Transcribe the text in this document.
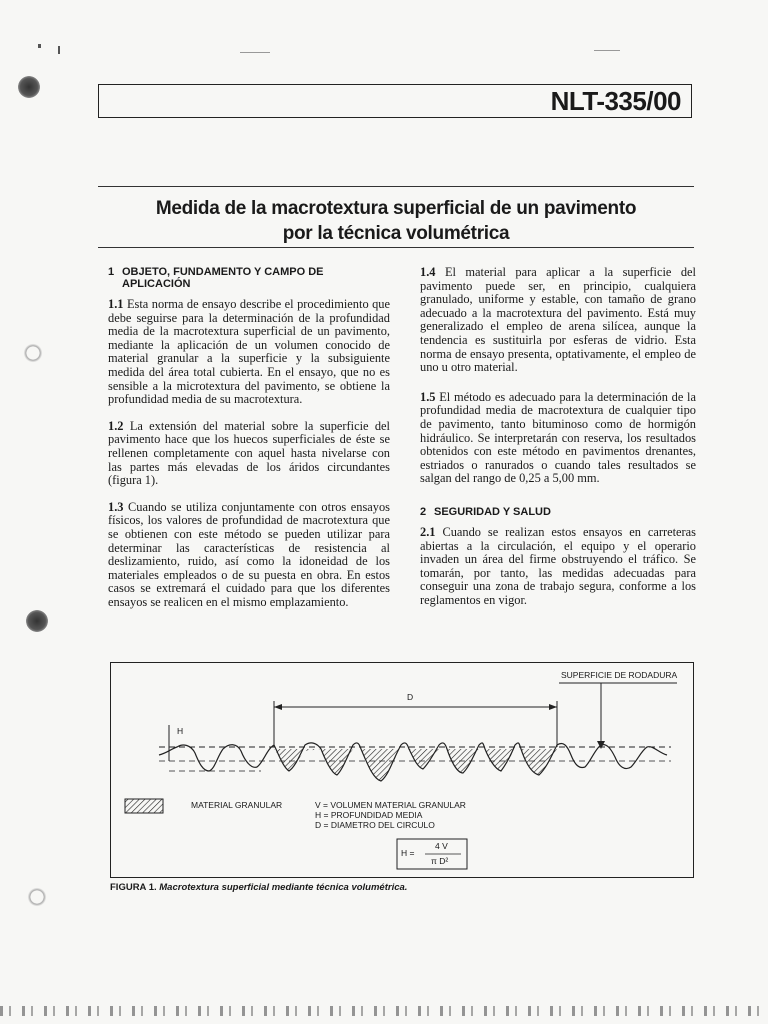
NLT-335/00
Medida de la macrotextura superficial de un pavimento
por la técnica volumétrica
1 OBJETO, FUNDAMENTO Y CAMPO DE
APLICACIÓN

1.1 Esta norma de ensayo describe el procedimiento que debe seguirse para la determinación de la profundidad media de la macrotextura superficial de un pavimento, mediante la aplicación de un volumen conocido de material granular a la superficie y la subsiguiente medida del área total cubierta. En el ensayo, que no es sensible a la microtextura del pavimento, se obtiene la profundidad media de su macrotextura.

1.2 La extensión del material sobre la superficie del pavimento hace que los huecos superficiales de éste se rellenen completamente con aquel hasta nivelarse con las partes más elevadas de los áridos circundantes (figura 1).

1.3 Cuando se utiliza conjuntamente con otros ensayos físicos, los valores de profundidad de macrotextura que se obtienen con este método se pueden utilizar para determinar las características de resistencia al deslizamiento, ruido, así como la idoneidad de los materiales empleados o de su puesta en obra. En estos casos se extremará el cuidado para que los diferentes ensayos se realicen en el mismo emplazamiento.

1.4 El material para aplicar a la superficie del pavimento puede ser, en principio, cualquiera granulado, uniforme y estable, con tamaño de grano adecuado a la macrotextura del pavimento. Está muy generalizado el empleo de arena silícea, aunque la tendencia es sustituirla por esferas de vidrio. Esta norma de ensayo presenta, optativamente, el empleo de uno u otro material.

1.5 El método es adecuado para la determinación de la profundidad media de macrotextura de cualquier tipo de pavimento, tanto bituminoso como de hormigón hidráulico. Se interpretarán con reserva, los resultados obtenidos con este método en pavimentos drenantes, estriados o ranurados o cuando tales resultados se salgan del rango de 0,25 a 5,00 mm.

2 SEGURIDAD Y SALUD

2.1 Cuando se realizan estos ensayos en carreteras abiertas a la circulación, el equipo y el operario invaden un área del firme obstruyendo el tráfico. Se tomarán, por tanto, las medidas adecuadas para conseguir una zona de trabajo segura, conforme a los reglamentos en vigor.

SUPERFICIE DE RODADURA
D
H
MATERIAL GRANULAR	V = VOLUMEN MATERIAL GRANULAR
H = PROFUNDIDAD MEDIA
D = DIAMETRO DEL CIRCULO
H =
4 V
π D²
FIGURA 1. Macrotextura superficial mediante técnica volumétrica.
